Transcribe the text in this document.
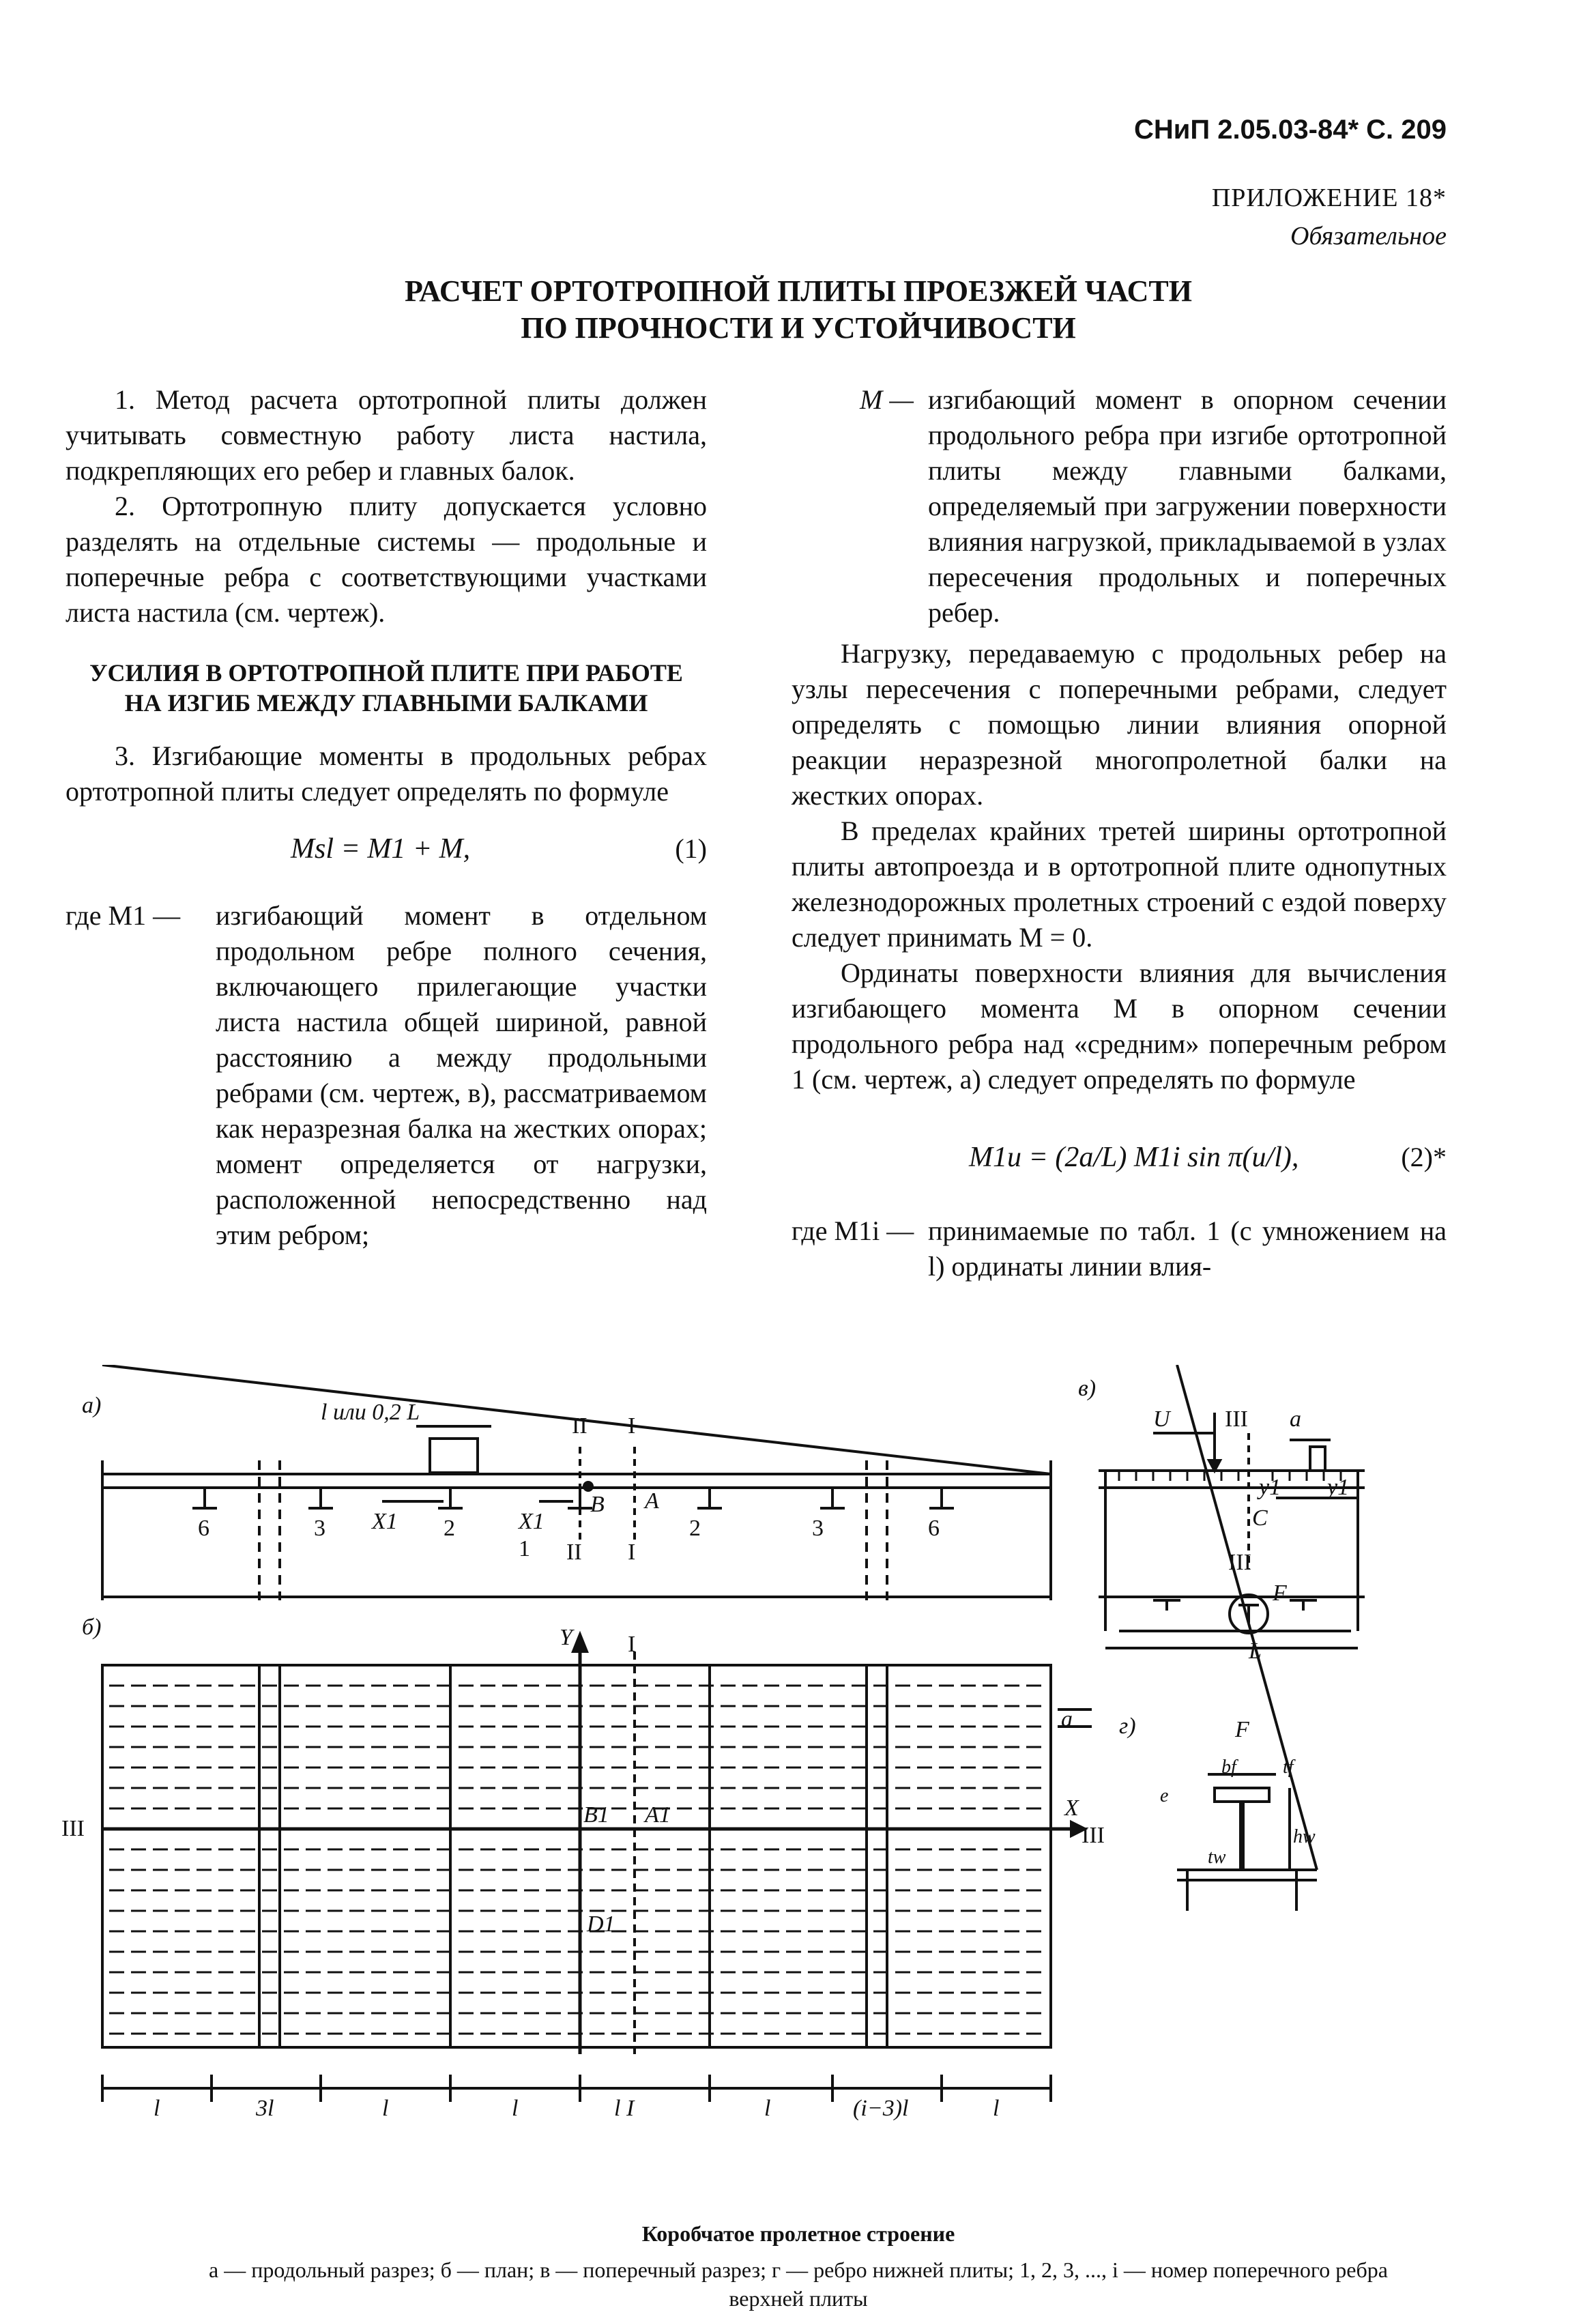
СНиП 2.05.03-84* С. 209
ПРИЛОЖЕНИЕ 18*
Обязательное
РАСЧЕТ ОРТОТРОПНОЙ ПЛИТЫ ПРОЕЗЖЕЙ ЧАСТИ
ПО ПРОЧНОСТИ И УСТОЙЧИВОСТИ

1. Метод расчета ортотропной плиты должен учитывать совместную работу листа настила, подкрепляющих его ребер и главных балок.

2. Ортотропную плиту допускается условно разделять на отдельные системы — продольные и поперечные ребра с соответствующими участками листа настила (см. чертеж).

УСИЛИЯ В ОРТОТРОПНОЙ ПЛИТЕ ПРИ РАБОТЕ
НА ИЗГИБ МЕЖДУ ГЛАВНЫМИ БАЛКАМИ

3. Изгибающие моменты в продольных ребрах ортотропной плиты следует определять по формуле

Msl = M1 + M,	(1)
где M1 —	изгибающий момент в отдельном продольном ребре полного сечения, включающего прилегающие участки листа настила общей шириной, равной расстоянию a между продольными ребрами (см. чертеж, в), рассматриваемом как неразрезная балка на жестких опорах; момент определяется от нагрузки, расположенной непосредственно над этим ребром;
M — изгибающий момент в опорном сечении продольного ребра при изгибе ортотропной плиты между главными балками, определяемый при загружении поверхности влияния нагрузкой, прикладываемой в узлах пересечения продольных и поперечных ребер.

Нагрузку, передаваемую с продольных ребер на узлы пересечения с поперечными ребрами, следует определять с помощью линии влияния опорной реакции неразрезной многопролетной балки на жестких опорах.

В пределах крайних третей ширины ортотропной плиты автопроезда и в ортотропной плите однопутных железнодорожных пролетных строений с ездой поверху следует принимать M = 0.

Ординаты поверхности влияния для вычисления изгибающего момента M в опорном сечении продольного ребра над «средним» поперечным ребром 1 (см. чертеж, а) следует определять по формуле

M1u = (2a/L) M1i sin π(u/l),	(2)*
где M1i — принимаемые по табл. 1 (с умножением на l) ординаты линии влия-
а)	l или 0,2 L
II I
6	3 X1 2	X1
1
B A
II I
2	3	6
б)	Y I
III
X
III
B1 A1
D1
a
l	3l	l	l	l I	l	(i−3)l	l
в)
U III a
y1 y1
C
III
F
L
г)	F
bf tf
e
hw
tw
Коробчатое пролетное строение
а — продольный разрез; б — план; в — поперечный разрез; г — ребро нижней плиты; 1, 2, 3, ..., i — номер поперечного ребра
верхней плиты
